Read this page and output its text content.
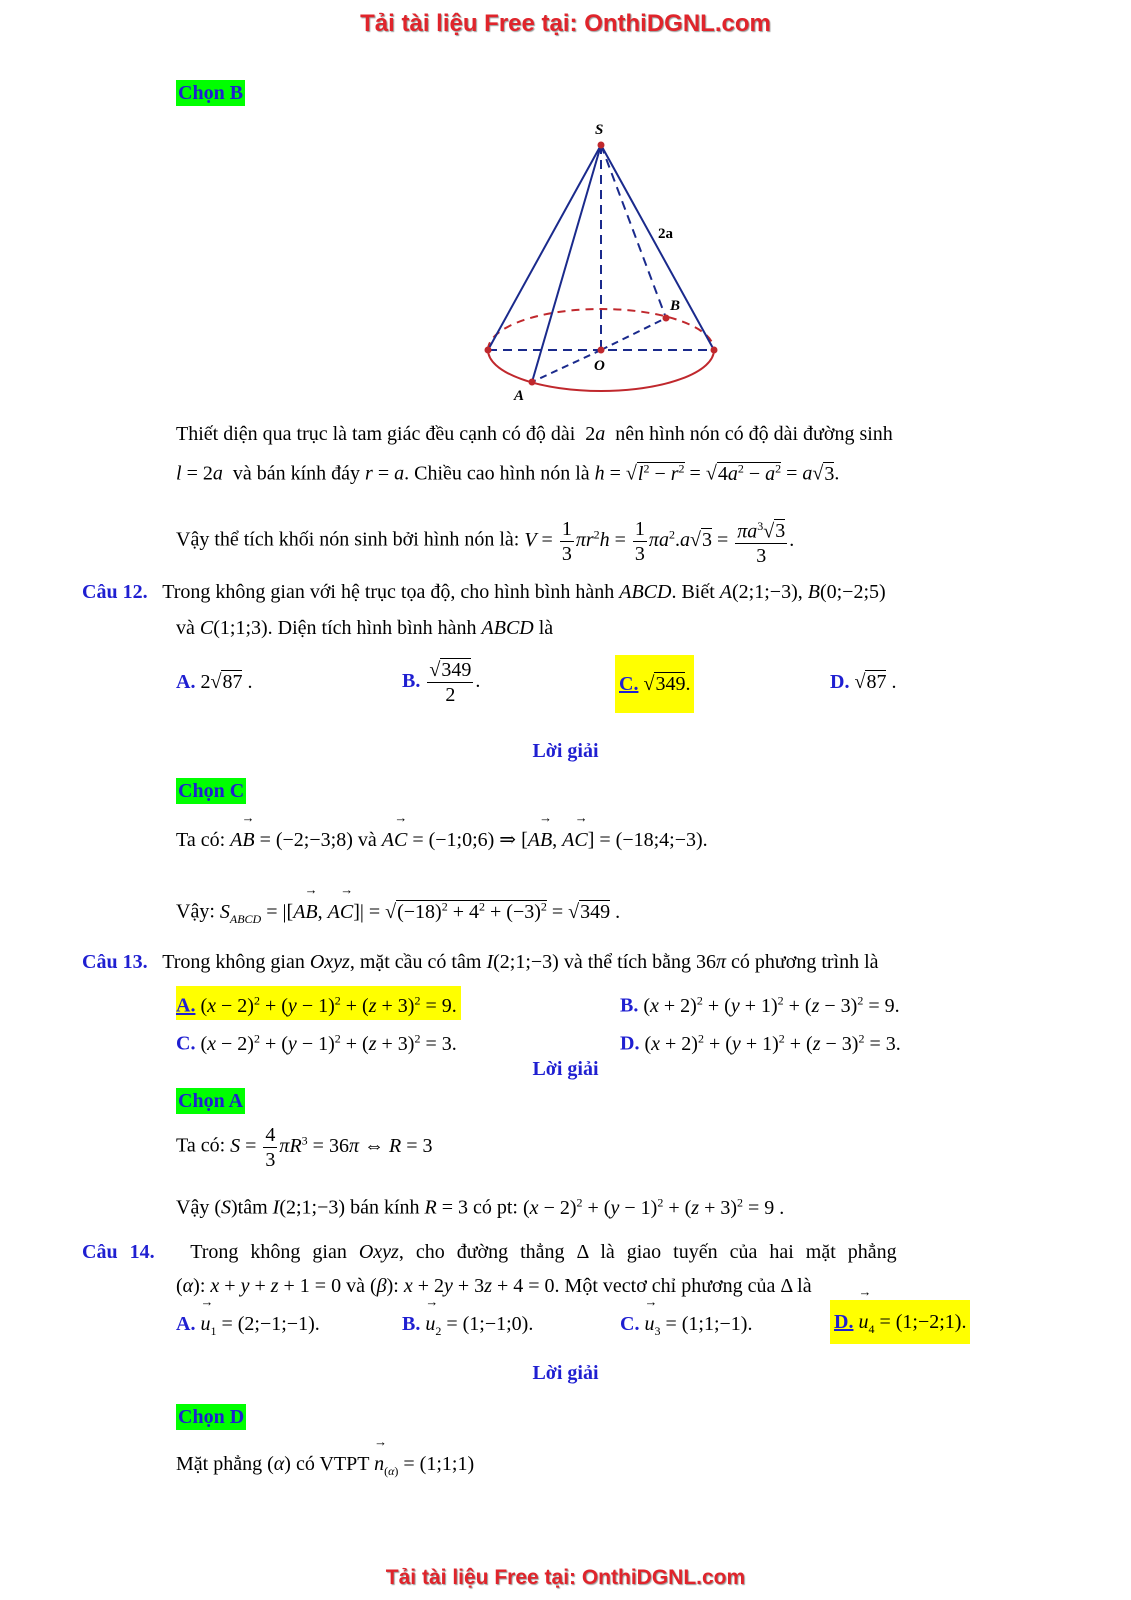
Tải tài liệu Free tại: OnthiDGNL.com
Chọn B
S
O
A
B
2a
Thiết diện qua trục là tam giác đều cạnh có độ dài 2a nên hình nón có độ dài đường sinh
l = 2a và bán kính đáy r = a. Chiều cao hình nón là $h = √l^2 - r^2 = √4a^2 - a^2 = a√3$.
Vậy thể tích khối nón sinh bởi hình nón là: $V = \frac{1}{3} \pi r^2h = \frac{1}{3} \pi a^2.a√3 = \frac{\pi a^3√3}{3}$ .
Câu 12. Trong không gian với hệ trục tọa độ, cho hình bình hành ABCD. Biết A(2;1;−3), B(0;−2;5)
và C(1;1;3). Diện tích hình bình hành ABCD là
A. 2√87 .	B. $\frac{√349}{2}$ .	C. √349.	D. √87 .
Lời giải
Chọn C
Ta có: → AB = (−2;−3;8) và → AC = (−1;0;6) ⇒ [→ AB, → AC] = (−18;4;−3).
Vậy: $S_{ABCD}$ = |[→ AB, → $AC]| = √(-18)^2 + 4^2 + (-3)^2 = √349$ .
Câu 13. Trong không gian Oxyz, mặt cầu có tâm I(2;1;−3) và thể tích bằng 36π có phương trình là
A. $(x - 2)^2 + (y - 1)^2 + (z + 3)^2 = 9$.	B. $(x + 2)^2 + (y + 1)^2 + (z - 3)^2 = 9$.
C. $(x - 2)^2 + (y - 1)^2 + (z + 3)^2 = 3$.	D. $(x + 2)^2 + (y + 1)^2 + (z - 3)^2 = 3$.
Lời giải
Chọn A
Ta có: $S = \frac{4}{3} \pi R^3 = 36\pi$ ⇔ R = 3
Vậy (S)tâm I(2;1;−3) bán kính R = 3 có pt: $(x - 2)^2 + (y - 1)^2 + (z + 3)^2 = 9$ .
Câu 14. Trong không gian Oxyz, cho đường thẳng Δ là giao tuyến của hai mặt phẳng
(α): x + y + z + 1 = 0 và (β): x + 2y + 3z + 4 = 0. Một vectơ chỉ phương của Δ là
A. → $u_1$ = (2;−1;−1).	B. → $u_2$ = (1;−1;0).	C. → $u_3$ = (1;1;−1).	D. → $u_4$ = (1;−2;1).
Lời giải
Chọn D
Mặt phẳng (α) có VTPT → $n_{(\alpha)}$ = (1;1;1)
Tải tài liệu Free tại: OnthiDGNL.com
